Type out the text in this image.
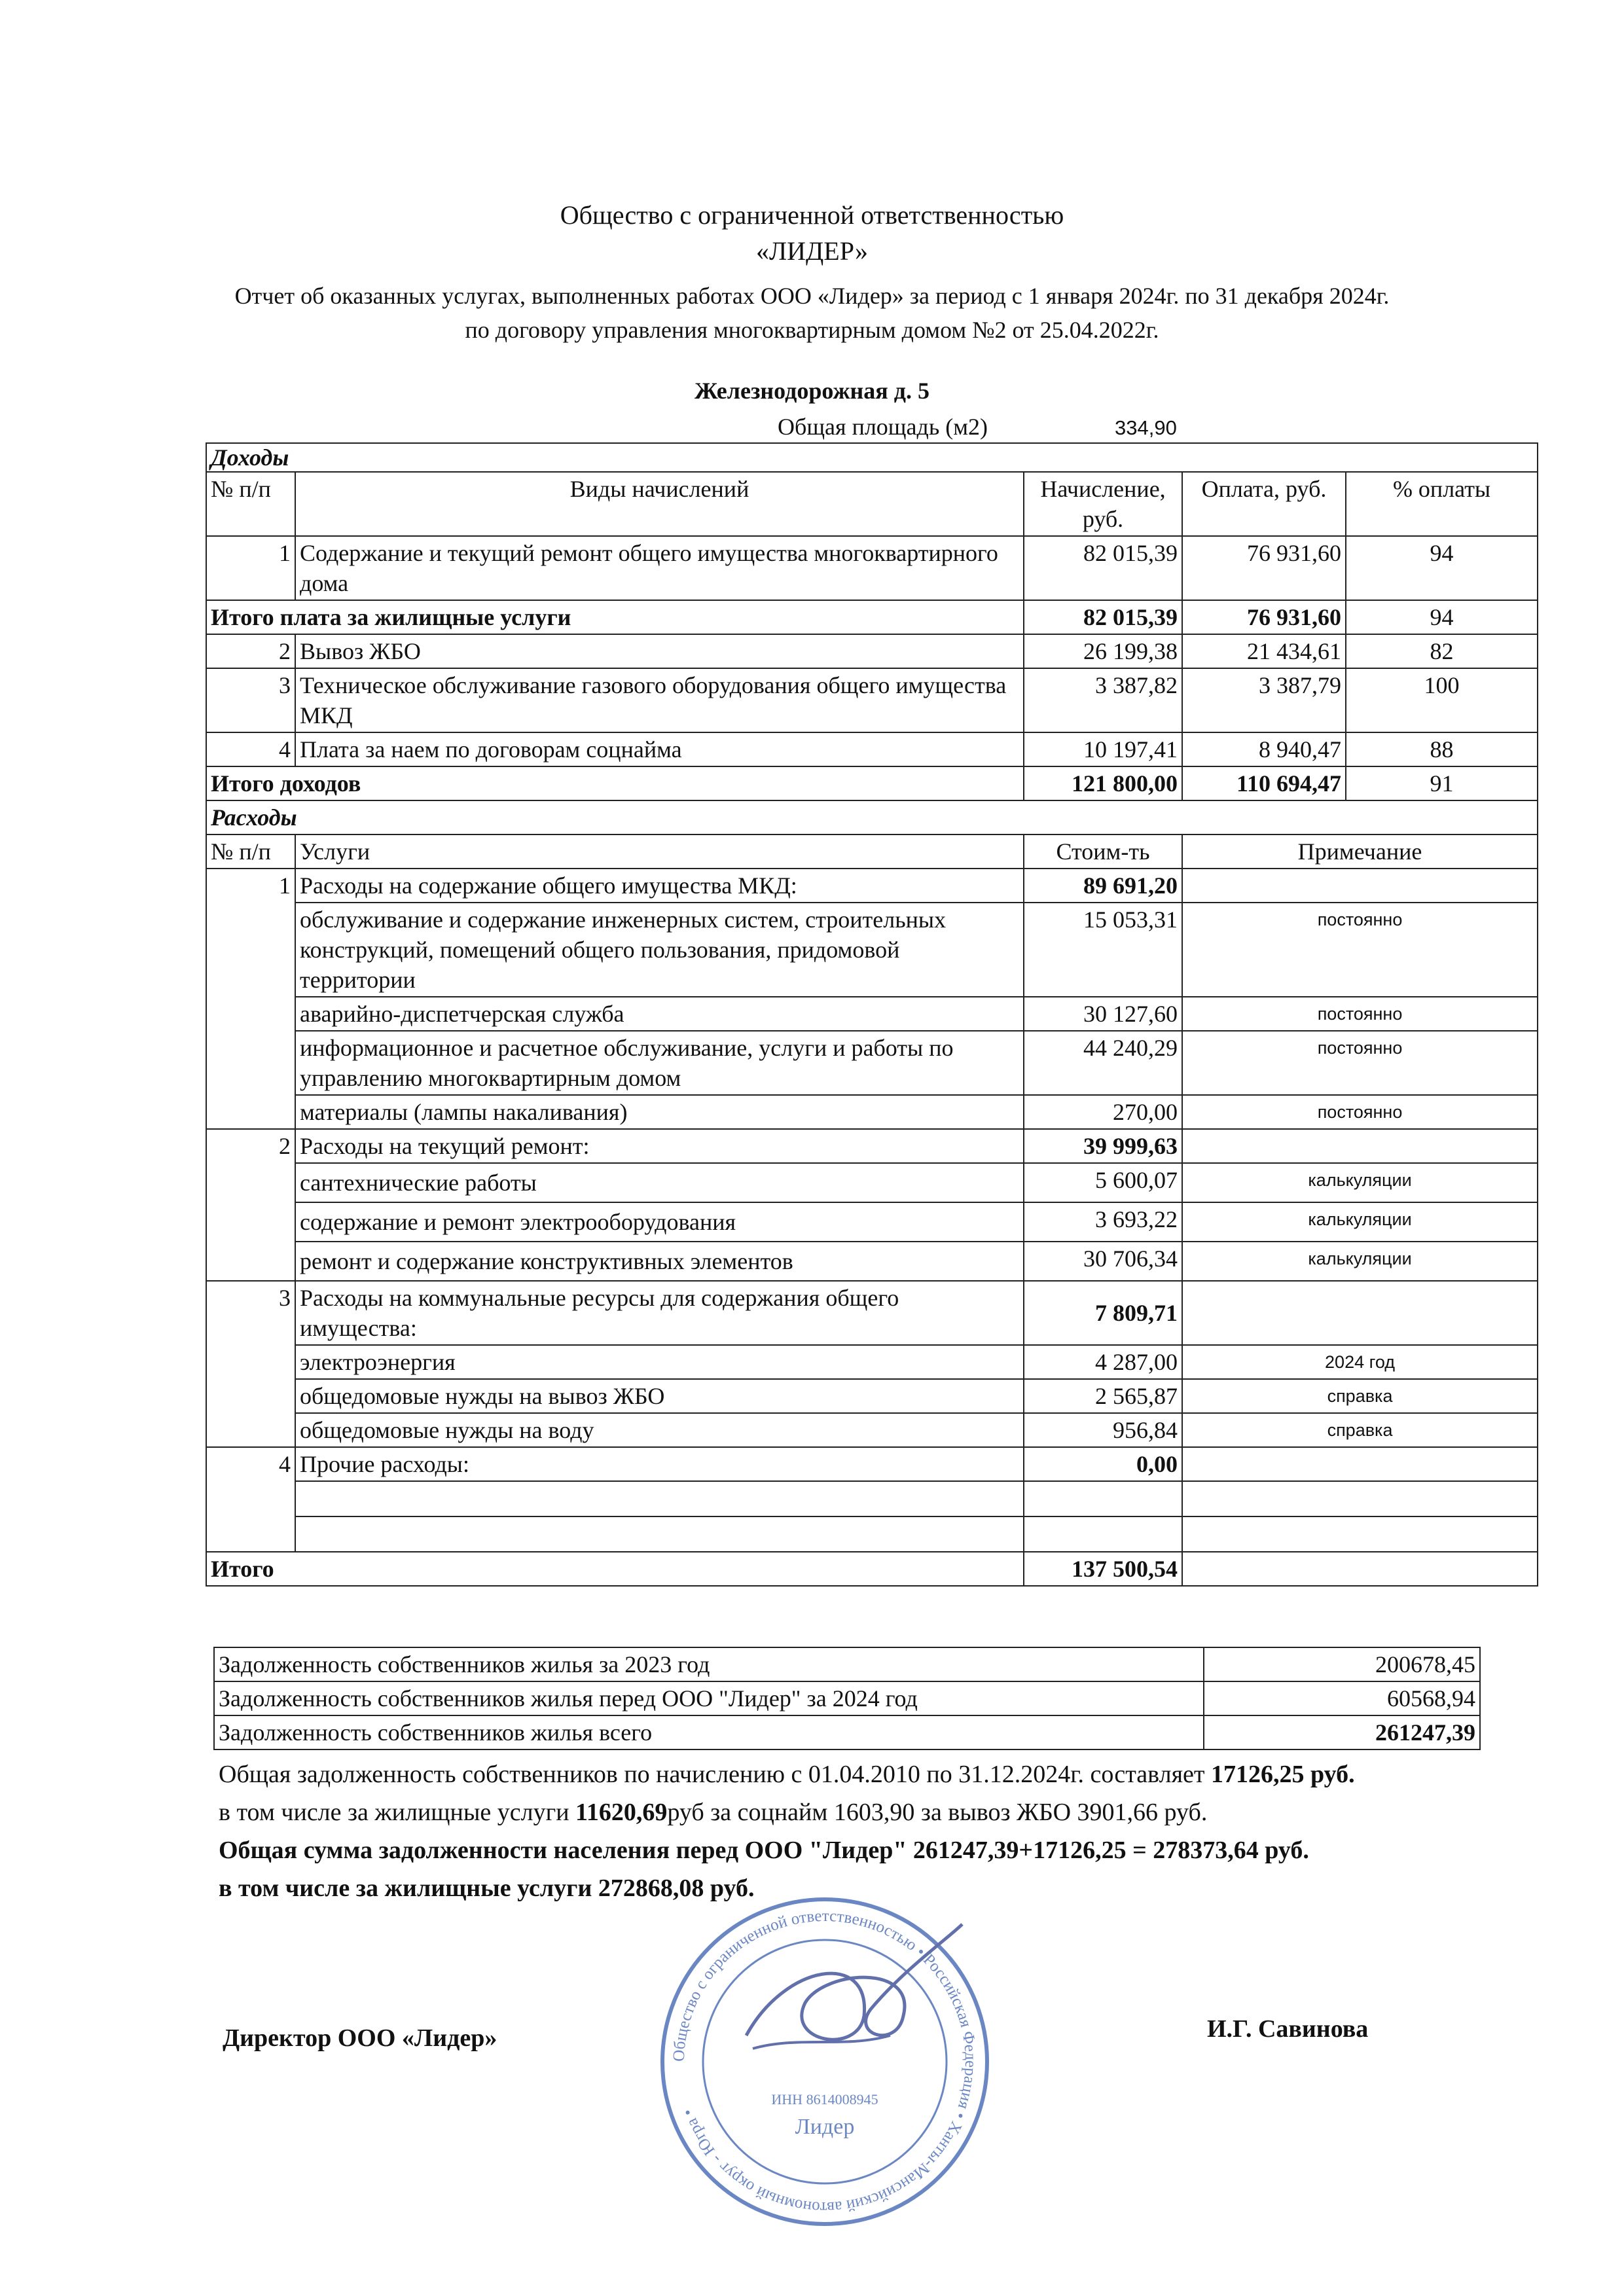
Общество с ограниченной ответственностью
«ЛИДЕР»
Отчет об оказанных услугах, выполненных работах ООО «Лидер» за период с 1 января 2024г. по 31 декабря 2024г.
по договору управления многоквартирным домом №2 от 25.04.2022г.
Железнодорожная д. 5
Общая площадь (м2)	334,90
Доходы				
№ п/п	Виды начислений	Начисление, руб.	Оплата, руб.	% оплаты
1	Содержание и текущий ремонт общего имущества многоквартирного дома	82 015,39	76 931,60	94
Итого плата за жилищные услуги		82 015,39	76 931,60	94
2	Вывоз ЖБО	26 199,38	21 434,61	82
3	Техническое обслуживание газового оборудования общего имущества МКД	3 387,82	3 387,79	100
4	Плата за наем по договорам соцнайма	10 197,41	8 940,47	88
Итого доходов		121 800,00	110 694,47	91
Расходы				
№ п/п	Услуги	Стоим-ть	Примечание	
1	Расходы на содержание общего имущества МКД:	89 691,20		
	обслуживание и содержание инженерных систем, строительных конструкций, помещений общего пользования, придомовой территории	15 053,31	постоянно	
	аварийно-диспетчерская служба	30 127,60	постоянно	
	информационное и расчетное обслуживание, услуги и работы по управлению многоквартирным домом	44 240,29	постоянно	
	материалы (лампы накаливания)	270,00	постоянно	
2	Расходы на текущий ремонт:	39 999,63		
	сантехнические работы	5 600,07	калькуляции	
	содержание и ремонт электрооборудования	3 693,22	калькуляции	
	ремонт и содержание конструктивных элементов	30 706,34	калькуляции	
3	Расходы на коммунальные ресурсы для содержания общего имущества:	7 809,71		
	электроэнергия	4 287,00	2024 год	
	общедомовые нужды на вывоз ЖБО	2 565,87	справка	
	общедомовые нужды на воду	956,84	справка	
4	Прочие расходы:	0,00		

Итого		137 500,54		
Задолженность собственников жилья за 2023 год	200678,45
Задолженность собственников жилья перед ООО "Лидер" за 2024 год	60568,94
Задолженность собственников жилья всего	261247,39
Общая задолженность собственников по начислению с 01.04.2010 по 31.12.2024г. составляет 17126,25 руб.
в том числе за жилищные услуги 11620,69руб за соцнайм 1603,90 за вывоз ЖБО 3901,66 руб.
Общая сумма задолженности населения перед ООО "Лидер" 261247,39+17126,25 = 278373,64 руб.
в том числе за жилищные услуги 272868,08 руб.
Директор ООО «Лидер»	И.Г. Савинова
Общество с ограниченной ответственностью • Российская Федерация • Ханты-Мансийский автономный округ - Югра •
Лидер
ИНН 8614008945
